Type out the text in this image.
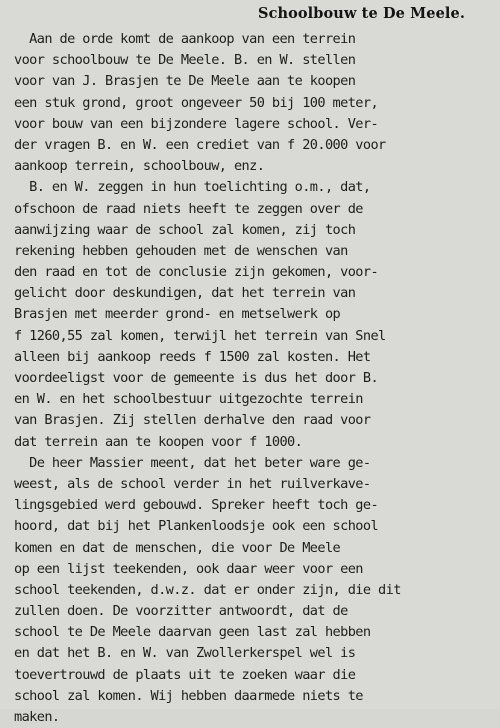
Schoolbouw te De Meele.
Aan de orde komt de aankoop van een terrein
voor schoolbouw te De Meele. B. en W. stellen
voor van J. Brasjen te De Meele aan te koopen
een stuk grond, groot ongeveer 50 bij 100 meter,
voor bouw van een bijzondere lagere school. Ver-
der vragen B. en W. een crediet van f 20.000 voor
aankoop terrein, schoolbouw, enz.
B. en W. zeggen in hun toelichting o.m., dat,
ofschoon de raad niets heeft te zeggen over de
aanwijzing waar de school zal komen, zij toch
rekening hebben gehouden met de wenschen van
den raad en tot de conclusie zijn gekomen, voor-
gelicht door deskundigen, dat het terrein van
Brasjen met meerder grond- en metselwerk op
f 1260,55 zal komen, terwijl het terrein van Snel
alleen bij aankoop reeds f 1500 zal kosten. Het
voordeeligst voor de gemeente is dus het door B.
en W. en het schoolbestuur uitgezochte terrein
van Brasjen. Zij stellen derhalve den raad voor
dat terrein aan te koopen voor f 1000.
De heer Massier meent, dat het beter ware ge-
weest, als de school verder in het ruilverkave-
lingsgebied werd gebouwd. Spreker heeft toch ge-
hoord, dat bij het Plankenloodsje ook een school
komen en dat de menschen, die voor De Meele
op een lijst teekenden, ook daar weer voor een
school teekenden, d.w.z. dat er onder zijn, die dit
zullen doen. De voorzitter antwoordt, dat de
school te De Meele daarvan geen last zal hebben
en dat het B. en W. van Zwollerkerspel wel is
toevertrouwd de plaats uit te zoeken waar die
school zal komen. Wij hebben daarmede niets te
maken.
